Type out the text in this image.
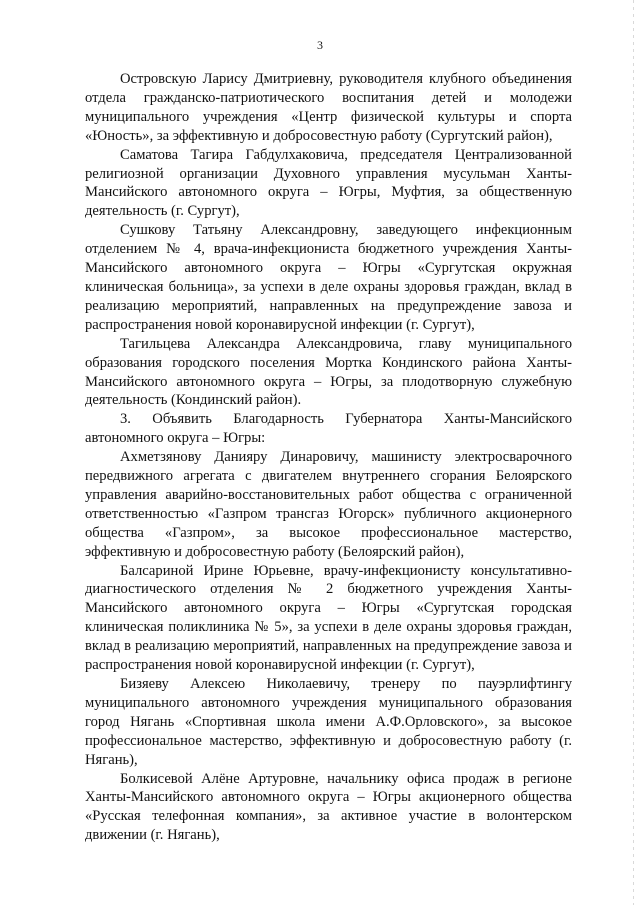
3

Островскую Ларису Дмитриевну, руководителя клубного объединения отдела гражданско-патриотического воспитания детей и молодежи муниципального учреждения «Центр физической культуры и спорта «Юность», за эффективную и добросовестную работу (Сургутский район),

Саматова Тагира Габдулхаковича, председателя Централизованной религиозной организации Духовного управления мусульман Ханты-Мансийского автономного округа – Югры, Муфтия, за общественную деятельность (г. Сургут),

Сушкову Татьяну Александровну, заведующего инфекционным отделением № 4, врача-инфекциониста бюджетного учреждения Ханты-Мансийского автономного округа – Югры «Сургутская окружная клиническая больница», за успехи в деле охраны здоровья граждан, вклад в реализацию мероприятий, направленных на предупреждение завоза и распространения новой коронавирусной инфекции (г. Сургут),

Тагильцева Александра Александровича, главу муниципального образования городского поселения Мортка Кондинского района Ханты-Мансийского автономного округа – Югры, за плодотворную служебную деятельность (Кондинский район).

3. Объявить Благодарность Губернатора Ханты-Мансийского автономного округа – Югры:

Ахметзянову Данияру Динаровичу, машинисту электросварочного передвижного агрегата с двигателем внутреннего сгорания Белоярского управления аварийно-восстановительных работ общества с ограниченной ответственностью «Газпром трансгаз Югорск» публичного акционерного общества «Газпром», за высокое профессиональное мастерство, эффективную и добросовестную работу (Белоярский район),

Балсариной Ирине Юрьевне, врачу-инфекционисту консультативно-диагностического отделения № 2 бюджетного учреждения Ханты-Мансийского автономного округа – Югры «Сургутская городская клиническая поликлиника № 5», за успехи в деле охраны здоровья граждан, вклад в реализацию мероприятий, направленных на предупреждение завоза и распространения новой коронавирусной инфекции (г. Сургут),

Бизяеву Алексею Николаевичу, тренеру по пауэрлифтингу муниципального автономного учреждения муниципального образования город Нягань «Спортивная школа имени А.Ф.Орловского», за высокое профессиональное мастерство, эффективную и добросовестную работу (г. Нягань),

Болкисевой Алёне Артуровне, начальнику офиса продаж в регионе Ханты-Мансийского автономного округа – Югры акционерного общества «Русская телефонная компания», за активное участие в волонтерском движении (г. Нягань),
